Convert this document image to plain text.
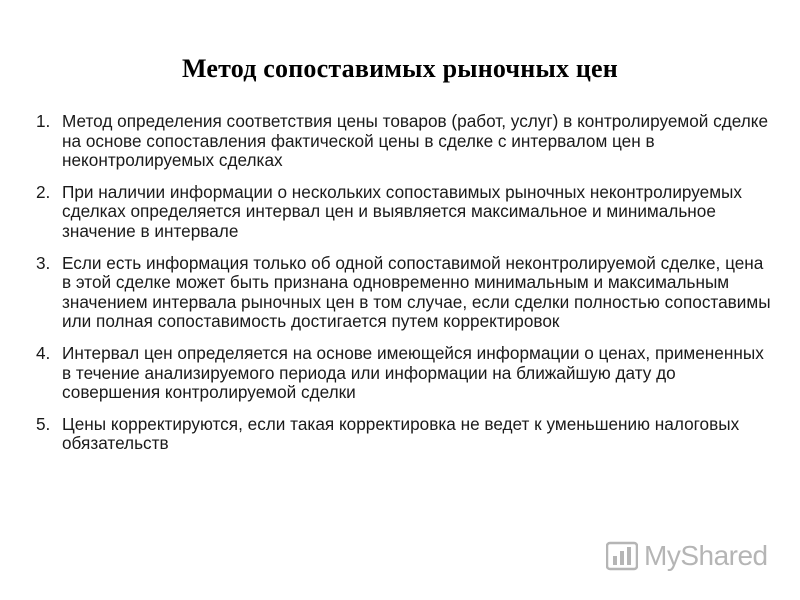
Метод сопоставимых рыночных цен
1. Метод определения соответствия цены товаров (работ, услуг) в контролируемой сделке на основе сопоставления фактической цены в сделке с интервалом цен в неконтролируемых сделках
2. При наличии информации о нескольких сопоставимых рыночных неконтролируемых сделках определяется интервал цен и выявляется максимальное и минимальное значение в интервале
3. Если есть информация только об одной сопоставимой неконтролируемой сделке, цена в этой сделке может быть признана одновременно минимальным и максимальным значением интервала рыночных цен в том случае, если сделки полностью сопоставимы или полная сопоставимость достигается путем корректировок
4. Интервал цен определяется на основе имеющейся информации о ценах, примененных в течение анализируемого периода или информации на ближайшую дату до совершения контролируемой сделки
5. Цены корректируются, если такая корректировка не ведет к уменьшению налоговых обязательств
MyShared
